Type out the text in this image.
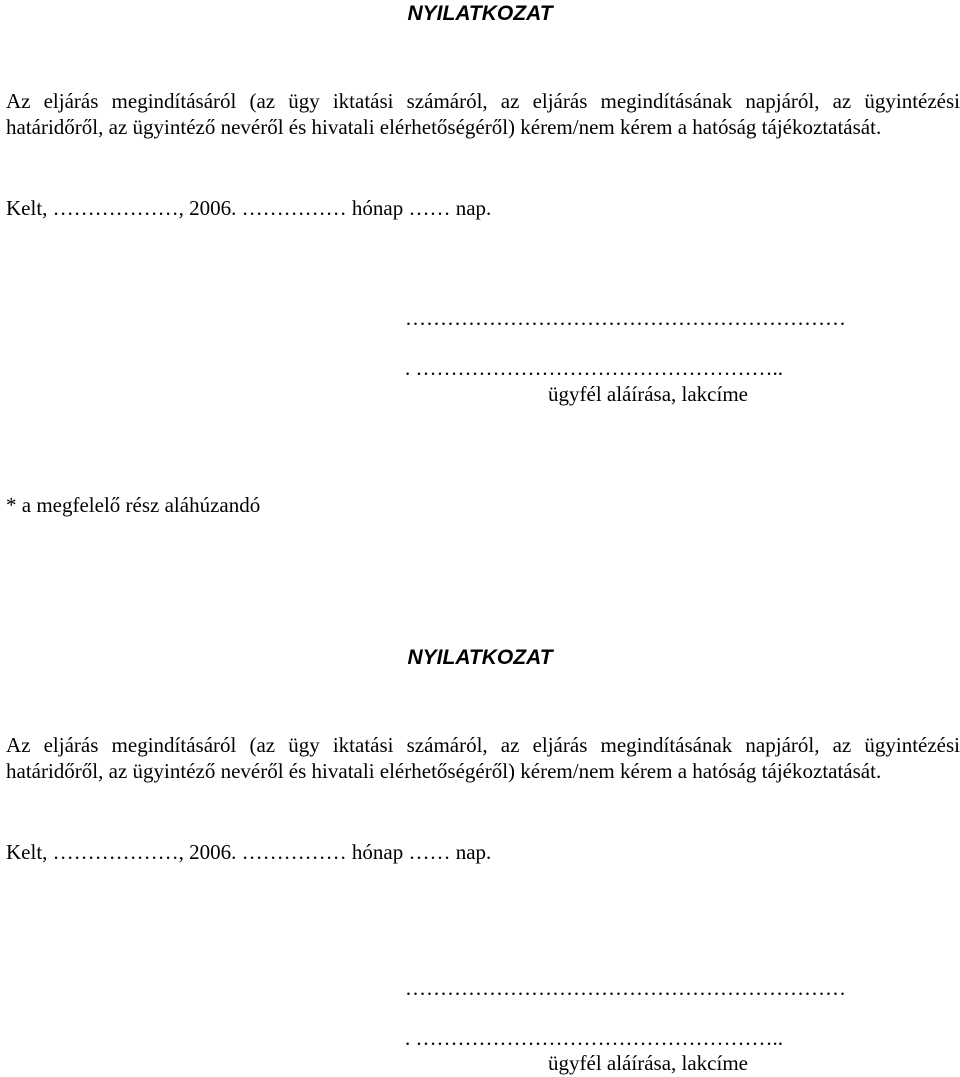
NYILATKOZAT

Az eljárás megindításáról (az ügy iktatási számáról, az eljárás megindításának napjáról, az ügyintézési határidőről, az ügyintéző nevéről és hivatali elérhetőségéről) kérem/nem kérem a hatóság tájékoztatását.

Kelt, ………………, 2006. …………… hónap …… nap.

………………………………………………………

. ……………………………………………..

ügyfél aláírása, lakcíme

* a megfelelő rész aláhúzandó

NYILATKOZAT

Az eljárás megindításáról (az ügy iktatási számáról, az eljárás megindításának napjáról, az ügyintézési határidőről, az ügyintéző nevéről és hivatali elérhetőségéről) kérem/nem kérem a hatóság tájékoztatását.

Kelt, ………………, 2006. …………… hónap …… nap.

………………………………………………………

. ……………………………………………..

ügyfél aláírása, lakcíme
